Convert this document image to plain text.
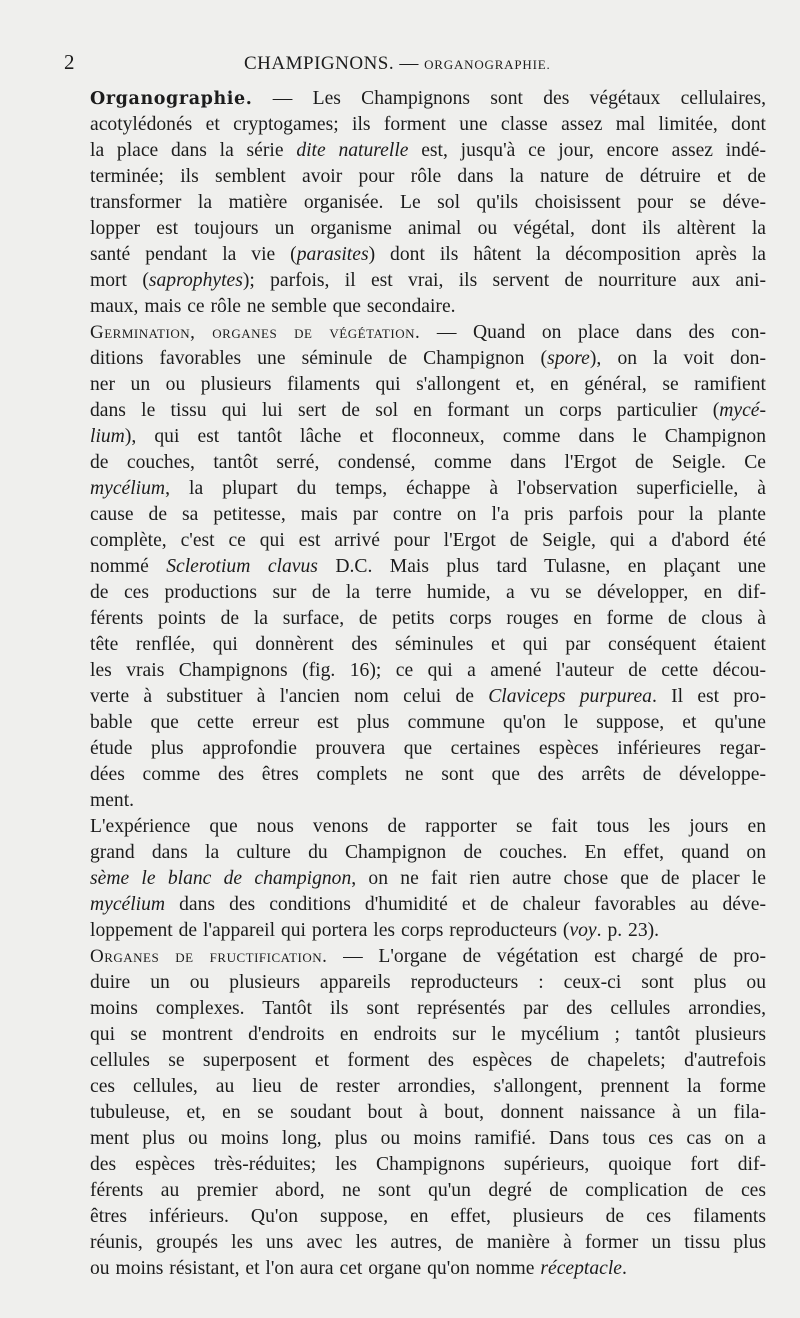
2	CHAMPIGNONS. — ORGANOGRAPHIE.

Organographie. — Les Champignons sont des végétaux cellulaires,
acotylédonés et cryptogames; ils forment une classe assez mal limitée, dont
la place dans la série dite naturelle est, jusqu'à ce jour, encore assez indé-
terminée; ils semblent avoir pour rôle dans la nature de détruire et de
transformer la matière organisée. Le sol qu'ils choisissent pour se déve-
lopper est toujours un organisme animal ou végétal, dont ils altèrent la
santé pendant la vie (parasites) dont ils hâtent la décomposition après la
mort (saprophytes); parfois, il est vrai, ils servent de nourriture aux ani-
maux, mais ce rôle ne semble que secondaire.

Germination, organes de végétation. — Quand on place dans des con-
ditions favorables une séminule de Champignon (spore), on la voit don-
ner un ou plusieurs filaments qui s'allongent et, en général, se ramifient
dans le tissu qui lui sert de sol en formant un corps particulier (mycé-
lium), qui est tantôt lâche et floconneux, comme dans le Champignon
de couches, tantôt serré, condensé, comme dans l'Ergot de Seigle. Ce
mycélium, la plupart du temps, échappe à l'observation superficielle, à
cause de sa petitesse, mais par contre on l'a pris parfois pour la plante
complète, c'est ce qui est arrivé pour l'Ergot de Seigle, qui a d'abord été
nommé Sclerotium clavus D.C. Mais plus tard Tulasne, en plaçant une
de ces productions sur de la terre humide, a vu se développer, en dif-
férents points de la surface, de petits corps rouges en forme de clous à
tête renflée, qui donnèrent des séminules et qui par conséquent étaient
les vrais Champignons (fig. 16); ce qui a amené l'auteur de cette décou-
verte à substituer à l'ancien nom celui de Claviceps purpurea. Il est pro-
bable que cette erreur est plus commune qu'on le suppose, et qu'une
étude plus approfondie prouvera que certaines espèces inférieures regar-
dées comme des êtres complets ne sont que des arrêts de développe-
ment.

L'expérience que nous venons de rapporter se fait tous les jours en
grand dans la culture du Champignon de couches. En effet, quand on
sème le blanc de champignon, on ne fait rien autre chose que de placer le
mycélium dans des conditions d'humidité et de chaleur favorables au déve-
loppement de l'appareil qui portera les corps reproducteurs (voy. p. 23).

Organes de fructification. — L'organe de végétation est chargé de pro-
duire un ou plusieurs appareils reproducteurs : ceux-ci sont plus ou
moins complexes. Tantôt ils sont représentés par des cellules arrondies,
qui se montrent d'endroits en endroits sur le mycélium ; tantôt plusieurs
cellules se superposent et forment des espèces de chapelets; d'autrefois
ces cellules, au lieu de rester arrondies, s'allongent, prennent la forme
tubuleuse, et, en se soudant bout à bout, donnent naissance à un fila-
ment plus ou moins long, plus ou moins ramifié. Dans tous ces cas on a
des espèces très-réduites; les Champignons supérieurs, quoique fort dif-
férents au premier abord, ne sont qu'un degré de complication de ces
êtres inférieurs. Qu'on suppose, en effet, plusieurs de ces filaments
réunis, groupés les uns avec les autres, de manière à former un tissu plus
ou moins résistant, et l'on aura cet organe qu'on nomme réceptacle.
